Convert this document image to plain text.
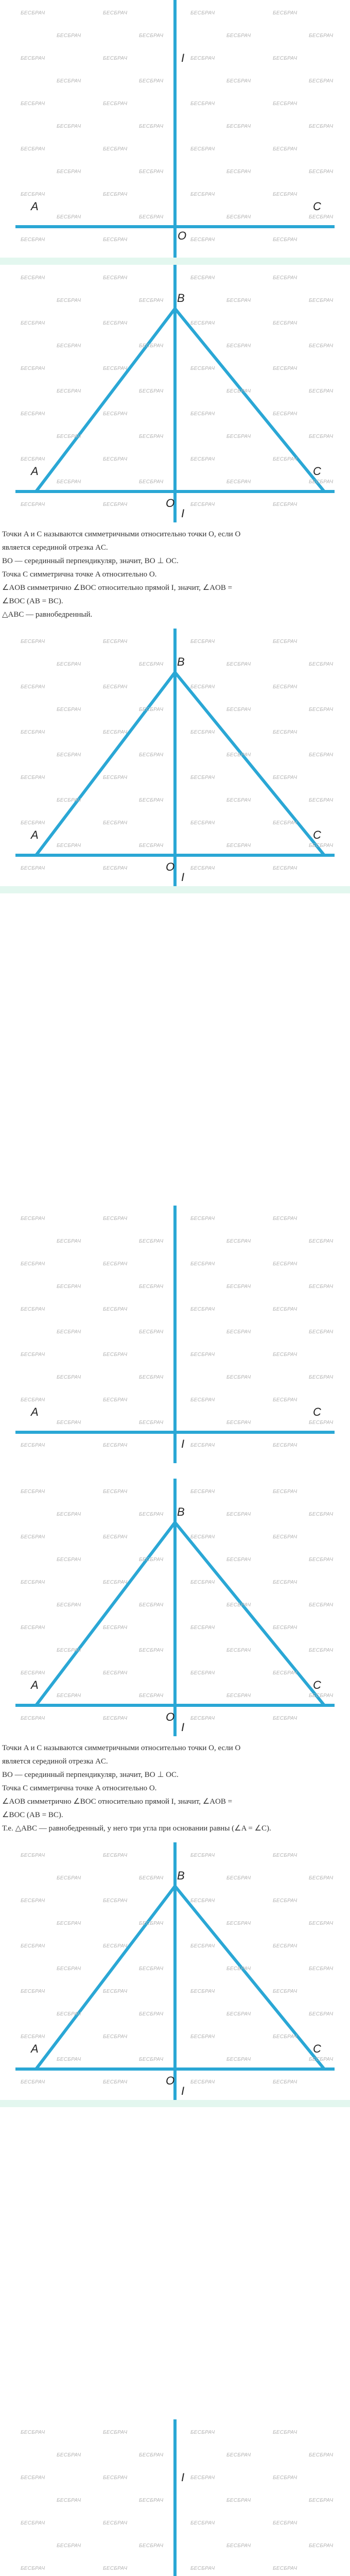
I
A	C
O
БЕСБРАЧ	БЕСБРАЧ	БЕСБРАЧ	БЕСБРАЧ
БЕСБРАЧ	БЕСБРАЧ	БЕСБРАЧ	БЕСБРАЧ
БЕСБРАЧ	БЕСБРАЧ	БЕСБРАЧ	БЕСБРАЧ
БЕСБРАЧ	БЕСБРАЧ	БЕСБРАЧ	БЕСБРАЧ
БЕСБРАЧ	БЕСБРАЧ	БЕСБРАЧ	БЕСБРАЧ
БЕСБРАЧ	БЕСБРАЧ	БЕСБРАЧ	БЕСБРАЧ
БЕСБРАЧ	БЕСБРАЧ	БЕСБРАЧ	БЕСБРАЧ
БЕСБРАЧ	БЕСБРАЧ	БЕСБРАЧ	БЕСБРАЧ
БЕСБРАЧ	БЕСБРАЧ	БЕСБРАЧ	БЕСБРАЧ
БЕСБРАЧ	БЕСБРАЧ	БЕСБРАЧ	БЕСБРАЧ
БЕСБРАЧ	БЕСБРАЧ	БЕСБРАЧ	БЕСБРАЧ
B
A	C
O
I
БЕСБРАЧ	БЕСБРАЧ	БЕСБРАЧ	БЕСБРАЧ
БЕСБРАЧ	БЕСБРАЧ	БЕСБРАЧ	БЕСБРАЧ
БЕСБРАЧ	БЕСБРАЧ	БЕСБРАЧ	БЕСБРАЧ
БЕСБРАЧ	БЕСБРАЧ	БЕСБРАЧ	БЕСБРАЧ
БЕСБРАЧ	БЕСБРАЧ	БЕСБРАЧ	БЕСБРАЧ
БЕСБРАЧ	БЕСБРАЧ	БЕСБРАЧ	БЕСБРАЧ
БЕСБРАЧ	БЕСБРАЧ	БЕСБРАЧ	БЕСБРАЧ
БЕСБРАЧ	БЕСБРАЧ	БЕСБРАЧ	БЕСБРАЧ
БЕСБРАЧ	БЕСБРАЧ	БЕСБРАЧ	БЕСБРАЧ
БЕСБРАЧ	БЕСБРАЧ	БЕСБРАЧ	БЕСБРАЧ
БЕСБРАЧ	БЕСБРАЧ	БЕСБРАЧ	БЕСБРАЧ
Точки A и C называются симметричными относительно точки O, если O
является серединой отрезка AC.
BO — серединный перпендикуляр, значит, BO ⊥ OC.
Точка C симметрична точке A относительно O.
∠AOB симметрично ∠BOC относительно прямой I, значит, ∠AOB =
∠BOC (AB = BC).
△ABC — равнобедренный.
B
A	C
O
I
БЕСБРАЧ	БЕСБРАЧ	БЕСБРАЧ	БЕСБРАЧ
БЕСБРАЧ	БЕСБРАЧ	БЕСБРАЧ	БЕСБРАЧ
БЕСБРАЧ	БЕСБРАЧ	БЕСБРАЧ	БЕСБРАЧ
БЕСБРАЧ	БЕСБРАЧ	БЕСБРАЧ	БЕСБРАЧ
БЕСБРАЧ	БЕСБРАЧ	БЕСБРАЧ	БЕСБРАЧ
БЕСБРАЧ	БЕСБРАЧ	БЕСБРАЧ	БЕСБРАЧ
БЕСБРАЧ	БЕСБРАЧ	БЕСБРАЧ	БЕСБРАЧ
БЕСБРАЧ	БЕСБРАЧ	БЕСБРАЧ	БЕСБРАЧ
БЕСБРАЧ	БЕСБРАЧ	БЕСБРАЧ	БЕСБРАЧ
БЕСБРАЧ	БЕСБРАЧ	БЕСБРАЧ	БЕСБРАЧ
БЕСБРАЧ	БЕСБРАЧ	БЕСБРАЧ	БЕСБРАЧ
A	C
I
БЕСБРАЧ	БЕСБРАЧ	БЕСБРАЧ	БЕСБРАЧ
БЕСБРАЧ	БЕСБРАЧ	БЕСБРАЧ	БЕСБРАЧ
БЕСБРАЧ	БЕСБРАЧ	БЕСБРАЧ	БЕСБРАЧ
БЕСБРАЧ	БЕСБРАЧ	БЕСБРАЧ	БЕСБРАЧ
БЕСБРАЧ	БЕСБРАЧ	БЕСБРАЧ	БЕСБРАЧ
БЕСБРАЧ	БЕСБРАЧ	БЕСБРАЧ	БЕСБРАЧ
БЕСБРАЧ	БЕСБРАЧ	БЕСБРАЧ	БЕСБРАЧ
БЕСБРАЧ	БЕСБРАЧ	БЕСБРАЧ	БЕСБРАЧ
БЕСБРАЧ	БЕСБРАЧ	БЕСБРАЧ	БЕСБРАЧ
БЕСБРАЧ	БЕСБРАЧ	БЕСБРАЧ	БЕСБРАЧ
БЕСБРАЧ	БЕСБРАЧ	БЕСБРАЧ	БЕСБРАЧ
B
A	C
O
I
БЕСБРАЧ	БЕСБРАЧ	БЕСБРАЧ	БЕСБРАЧ
БЕСБРАЧ	БЕСБРАЧ	БЕСБРАЧ	БЕСБРАЧ
БЕСБРАЧ	БЕСБРАЧ	БЕСБРАЧ	БЕСБРАЧ
БЕСБРАЧ	БЕСБРАЧ	БЕСБРАЧ	БЕСБРАЧ
БЕСБРАЧ	БЕСБРАЧ	БЕСБРАЧ	БЕСБРАЧ
БЕСБРАЧ	БЕСБРАЧ	БЕСБРАЧ	БЕСБРАЧ
БЕСБРАЧ	БЕСБРАЧ	БЕСБРАЧ	БЕСБРАЧ
БЕСБРАЧ	БЕСБРАЧ	БЕСБРАЧ	БЕСБРАЧ
БЕСБРАЧ	БЕСБРАЧ	БЕСБРАЧ	БЕСБРАЧ
БЕСБРАЧ	БЕСБРАЧ	БЕСБРАЧ	БЕСБРАЧ
БЕСБРАЧ	БЕСБРАЧ	БЕСБРАЧ	БЕСБРАЧ
Точки A и C называются симметричными относительно точки O, если O
является серединой отрезка AC.
BO — серединный перпендикуляр, значит, BO ⊥ OC.
Точка C симметрична точке A относительно O.
∠AOB симметрично ∠BOC относительно прямой I, значит, ∠AOB =
∠BOC (AB = BC).
Т.е. △ABC — равнобедренный, у него три угла при основании равны (∠A = ∠C).
B
A	C
O
I
БЕСБРАЧ	БЕСБРАЧ	БЕСБРАЧ	БЕСБРАЧ
БЕСБРАЧ	БЕСБРАЧ	БЕСБРАЧ	БЕСБРАЧ
БЕСБРАЧ	БЕСБРАЧ	БЕСБРАЧ	БЕСБРАЧ
БЕСБРАЧ	БЕСБРАЧ	БЕСБРАЧ	БЕСБРАЧ
БЕСБРАЧ	БЕСБРАЧ	БЕСБРАЧ	БЕСБРАЧ
БЕСБРАЧ	БЕСБРАЧ	БЕСБРАЧ	БЕСБРАЧ
БЕСБРАЧ	БЕСБРАЧ	БЕСБРАЧ	БЕСБРАЧ
БЕСБРАЧ	БЕСБРАЧ	БЕСБРАЧ	БЕСБРАЧ
БЕСБРАЧ	БЕСБРАЧ	БЕСБРАЧ	БЕСБРАЧ
БЕСБРАЧ	БЕСБРАЧ	БЕСБРАЧ	БЕСБРАЧ
БЕСБРАЧ	БЕСБРАЧ	БЕСБРАЧ	БЕСБРАЧ
I
БЕСБРАЧ	БЕСБРАЧ	БЕСБРАЧ	БЕСБРАЧ
БЕСБРАЧ	БЕСБРАЧ	БЕСБРАЧ	БЕСБРАЧ
БЕСБРАЧ	БЕСБРАЧ	БЕСБРАЧ	БЕСБРАЧ
БЕСБРАЧ	БЕСБРАЧ	БЕСБРАЧ	БЕСБРАЧ
БЕСБРАЧ	БЕСБРАЧ	БЕСБРАЧ	БЕСБРАЧ
БЕСБРАЧ	БЕСБРАЧ	БЕСБРАЧ	БЕСБРАЧ
БЕСБРАЧ	БЕСБРАЧ	БЕСБРАЧ	БЕСБРАЧ
